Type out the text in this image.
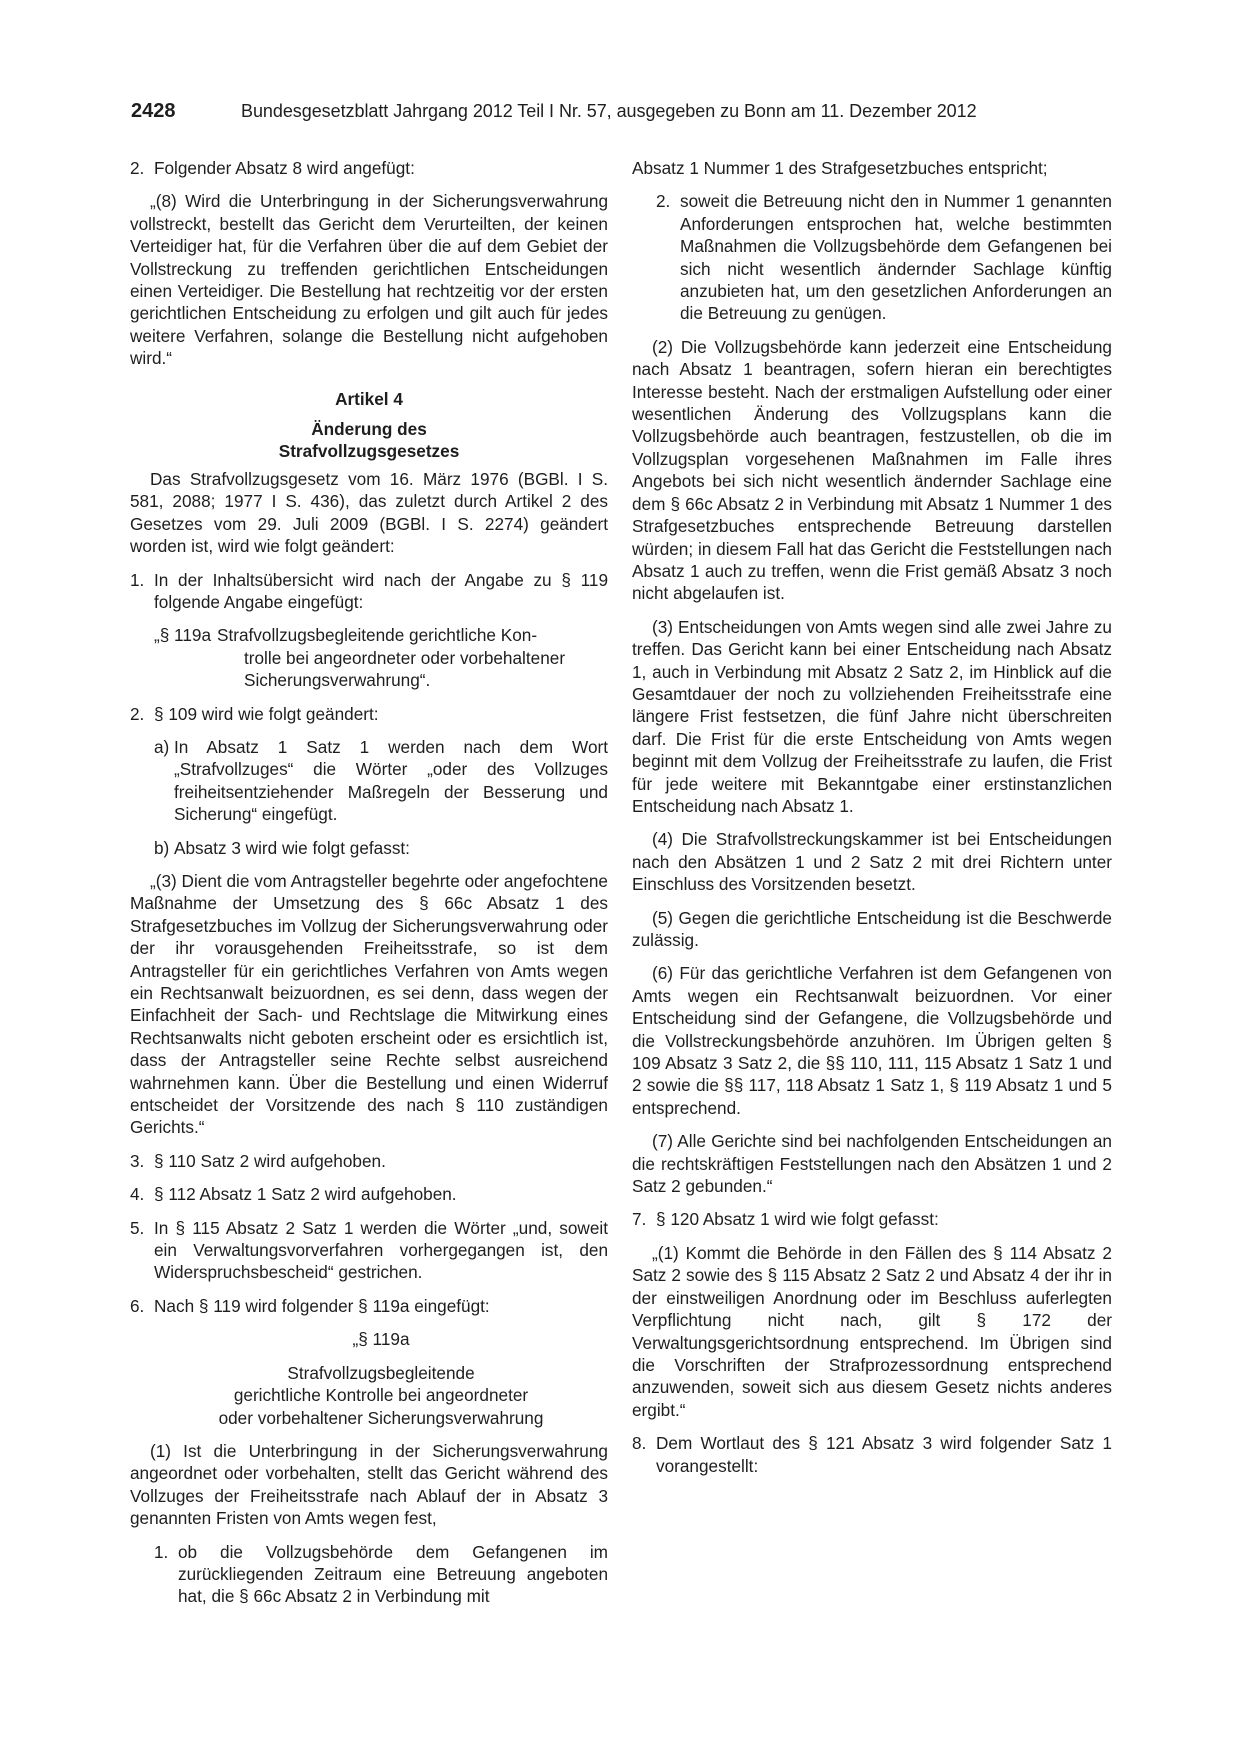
2428	Bundesgesetzblatt Jahrgang 2012 Teil I Nr. 57, ausgegeben zu Bonn am 11. Dezember 2012
2. Folgender Absatz 8 wird angefügt:

„(8) Wird die Unterbringung in der Sicherungsverwahrung vollstreckt, bestellt das Gericht dem Verurteilten, der keinen Verteidiger hat, für die Verfahren über die auf dem Gebiet der Vollstreckung zu treffenden gerichtlichen Entscheidungen einen Verteidiger. Die Bestellung hat rechtzeitig vor der ersten gerichtlichen Entscheidung zu erfolgen und gilt auch für jedes weitere Verfahren, solange die Bestellung nicht aufgehoben wird.“

Artikel 4

Änderung des

Strafvollzugsgesetzes

Das Strafvollzugsgesetz vom 16. März 1976 (BGBl. I S. 581, 2088; 1977 I S. 436), das zuletzt durch Artikel 2 des Gesetzes vom 29. Juli 2009 (BGBl. I S. 2274) geändert worden ist, wird wie folgt geändert:

1. In der Inhaltsübersicht wird nach der Angabe zu § 119 folgende Angabe eingefügt:

„§ 119a Strafvollzugsbegleitende gerichtliche Kon-
trolle bei angeordneter oder vorbehaltener
Sicherungsverwahrung“.
2. § 109 wird wie folgt geändert:

a) In Absatz 1 Satz 1 werden nach dem Wort „Strafvollzuges“ die Wörter „oder des Vollzuges freiheitsentziehender Maßregeln der Besserung und Sicherung“ eingefügt.

b) Absatz 3 wird wie folgt gefasst:

„(3) Dient die vom Antragsteller begehrte oder angefochtene Maßnahme der Umsetzung des § 66c Absatz 1 des Strafgesetzbuches im Vollzug der Sicherungsverwahrung oder der ihr vorausgehenden Freiheitsstrafe, so ist dem Antragsteller für ein gerichtliches Verfahren von Amts wegen ein Rechtsanwalt beizuordnen, es sei denn, dass wegen der Einfachheit der Sach- und Rechtslage die Mitwirkung eines Rechtsanwalts nicht geboten erscheint oder es ersichtlich ist, dass der Antragsteller seine Rechte selbst ausreichend wahrnehmen kann. Über die Bestellung und einen Widerruf entscheidet der Vorsitzende des nach § 110 zuständigen Gerichts.“

3. § 110 Satz 2 wird aufgehoben.

4. § 112 Absatz 1 Satz 2 wird aufgehoben.

5. In § 115 Absatz 2 Satz 1 werden die Wörter „und, soweit ein Verwaltungsvorverfahren vorhergegangen ist, den Widerspruchsbescheid“ gestrichen.

6. Nach § 119 wird folgender § 119a eingefügt:

„§ 119a

Strafvollzugsbegleitende

gerichtliche Kontrolle bei angeordneter

oder vorbehaltener Sicherungsverwahrung

(1) Ist die Unterbringung in der Sicherungsverwahrung angeordnet oder vorbehalten, stellt das Gericht während des Vollzuges der Freiheitsstrafe nach Ablauf der in Absatz 3 genannten Fristen von Amts wegen fest,

1. ob die Vollzugsbehörde dem Gefangenen im zurückliegenden Zeitraum eine Betreuung angeboten hat, die § 66c Absatz 2 in Verbindung mit

Absatz 1 Nummer 1 des Strafgesetzbuches entspricht;

2. soweit die Betreuung nicht den in Nummer 1 genannten Anforderungen entsprochen hat, welche bestimmten Maßnahmen die Vollzugsbehörde dem Gefangenen bei sich nicht wesentlich ändernder Sachlage künftig anzubieten hat, um den gesetzlichen Anforderungen an die Betreuung zu genügen.

(2) Die Vollzugsbehörde kann jederzeit eine Entscheidung nach Absatz 1 beantragen, sofern hieran ein berechtigtes Interesse besteht. Nach der erstmaligen Aufstellung oder einer wesentlichen Änderung des Vollzugsplans kann die Vollzugsbehörde auch beantragen, festzustellen, ob die im Vollzugsplan vorgesehenen Maßnahmen im Falle ihres Angebots bei sich nicht wesentlich ändernder Sachlage eine dem § 66c Absatz 2 in Verbindung mit Absatz 1 Nummer 1 des Strafgesetzbuches entsprechende Betreuung darstellen würden; in diesem Fall hat das Gericht die Feststellungen nach Absatz 1 auch zu treffen, wenn die Frist gemäß Absatz 3 noch nicht abgelaufen ist.

(3) Entscheidungen von Amts wegen sind alle zwei Jahre zu treffen. Das Gericht kann bei einer Entscheidung nach Absatz 1, auch in Verbindung mit Absatz 2 Satz 2, im Hinblick auf die Gesamtdauer der noch zu vollziehenden Freiheitsstrafe eine längere Frist festsetzen, die fünf Jahre nicht überschreiten darf. Die Frist für die erste Entscheidung von Amts wegen beginnt mit dem Vollzug der Freiheitsstrafe zu laufen, die Frist für jede weitere mit Bekanntgabe einer erstinstanzlichen Entscheidung nach Absatz 1.

(4) Die Strafvollstreckungskammer ist bei Entscheidungen nach den Absätzen 1 und 2 Satz 2 mit drei Richtern unter Einschluss des Vorsitzenden besetzt.

(5) Gegen die gerichtliche Entscheidung ist die Beschwerde zulässig.

(6) Für das gerichtliche Verfahren ist dem Gefangenen von Amts wegen ein Rechtsanwalt beizuordnen. Vor einer Entscheidung sind der Gefangene, die Vollzugsbehörde und die Vollstreckungsbehörde anzuhören. Im Übrigen gelten § 109 Absatz 3 Satz 2, die §§ 110, 111, 115 Absatz 1 Satz 1 und 2 sowie die §§ 117, 118 Absatz 1 Satz 1, § 119 Absatz 1 und 5 entsprechend.

(7) Alle Gerichte sind bei nachfolgenden Entscheidungen an die rechtskräftigen Feststellungen nach den Absätzen 1 und 2 Satz 2 gebunden.“

7. § 120 Absatz 1 wird wie folgt gefasst:

„(1) Kommt die Behörde in den Fällen des § 114 Absatz 2 Satz 2 sowie des § 115 Absatz 2 Satz 2 und Absatz 4 der ihr in der einstweiligen Anordnung oder im Beschluss auferlegten Verpflichtung nicht nach, gilt § 172 der Verwaltungsgerichtsordnung entsprechend. Im Übrigen sind die Vorschriften der Strafprozessordnung entsprechend anzuwenden, soweit sich aus diesem Gesetz nichts anderes ergibt.“

8. Dem Wortlaut des § 121 Absatz 3 wird folgender Satz 1 vorangestellt:
